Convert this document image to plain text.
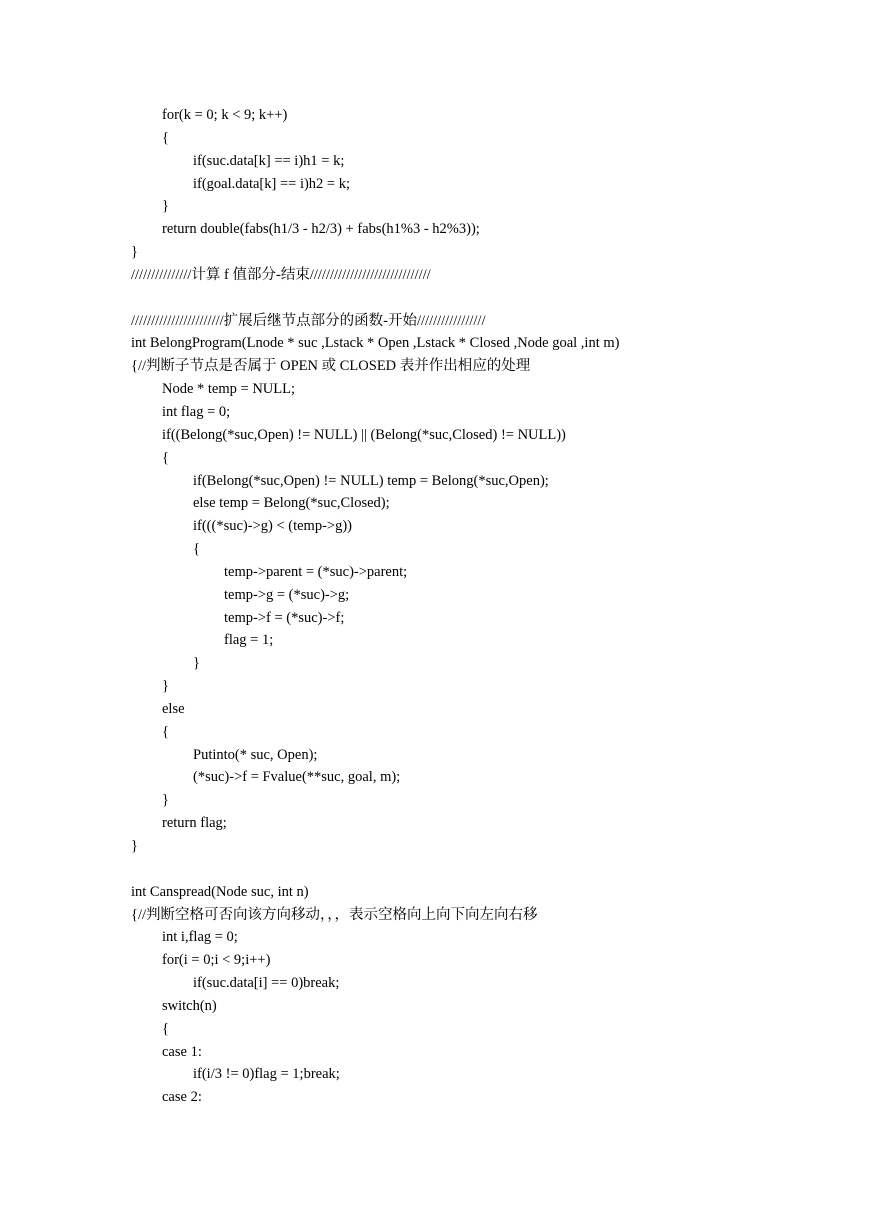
for(k = 0; k < 9; k++)
{
if(suc.data[k] == i)h1 = k;
if(goal.data[k] == i)h2 = k;
}
return double(fabs(h1/3 - h2/3) + fabs(h1%3 - h2%3));
}
///////////////计算 f 值部分-结束//////////////////////////////
///////////////////////扩展后继节点部分的函数-开始/////////////////
int BelongProgram(Lnode * suc ,Lstack * Open ,Lstack * Closed ,Node goal ,int m)
{//判断子节点是否属于 OPEN 或 CLOSED 表并作出相应的处理
Node * temp = NULL;
int flag = 0;
if((Belong(*suc,Open) != NULL) || (Belong(*suc,Closed) != NULL))
{
if(Belong(*suc,Open) != NULL) temp = Belong(*suc,Open);
else temp = Belong(*suc,Closed);
if(((*suc)->g) < (temp->g))
{
temp->parent = (*suc)->parent;
temp->g = (*suc)->g;
temp->f = (*suc)->f;
flag = 1;
}
}
else
{
Putinto(* suc, Open);
(*suc)->f = Fvalue(**suc, goal, m);
}
return flag;
}
int Canspread(Node suc, int n)
{//判断空格可否向该方向移动，，，表示空格向上向下向左向右移
int i,flag = 0;
for(i = 0;i < 9;i++)
if(suc.data[i] == 0)break;
switch(n)
{
case 1:
if(i/3 != 0)flag = 1;break;
case 2:
